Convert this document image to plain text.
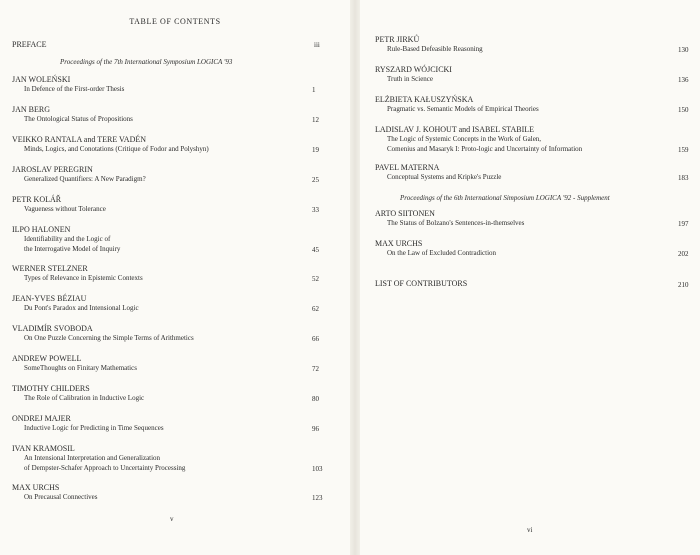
TABLE OF CONTENTS
PREFACE	iii
Proceedings of the 7th International Symposium LOGICA '93
JAN WOLEŃSKI
In Defence of the First-order Thesis	1
JAN BERG
The Ontological Status of Propositions	12
VEIKKO RANTALA and TERE VADÉN
Minds, Logics, and Conotations (Critique of Fodor and Polyshyn)	19
JAROSLAV PEREGRIN
Generalized Quantifiers: A New Paradigm?	25
PETR KOLÁŘ
Vagueness without Tolerance	33
ILPO HALONEN
Identifiability and the Logic of
the Interrogative Model of Inquiry	45
WERNER STELZNER
Types of Relevance in Epistemic Contexts	52
JEAN-YVES BÉZIAU
Du Pont's Paradox and Intensional Logic	62
VLADIMÍR SVOBODA
On One Puzzle Concerning the Simple Terms of Arithmetics	66
ANDREW POWELL
SomeThoughts on Finitary Mathematics	72
TIMOTHY CHILDERS
The Role of Calibration in Inductive Logic	80
ONDREJ MAJER
Inductive Logic for Predicting in Time Sequences	96
IVAN KRAMOSIL
An Intensional Interpretation and Generalization
of Dempster-Schafer Approach to Uncertainty Processing	103
MAX URCHS
On Precausal Connectives	123
v
PETR JIRKŮ
Rule-Based Defeasible Reasoning	130
RYSZARD WÓJCICKI
Truth in Science	136
ELŻBIETA KAŁUSZYŃSKA
Pragmatic vs. Semantic Models of Empirical Theories	150
LADISLAV J. KOHOUT and ISABEL STABILE
The Logic of Systemic Concepts in the Work of Galen,
Comenius and Masaryk I: Proto-logic and Uncertainty of Information	159
PAVEL MATERNA
Conceptual Systems and Kripke's Puzzle	183
Proceedings of the 6th International Simposium LOGICA '92 - Supplement
ARTO SIITONEN
The Status of Bolzano's Sentences-in-themselves	197
MAX URCHS
On the Law of Excluded Contradiction	202
LIST OF CONTRIBUTORS	210
vi
